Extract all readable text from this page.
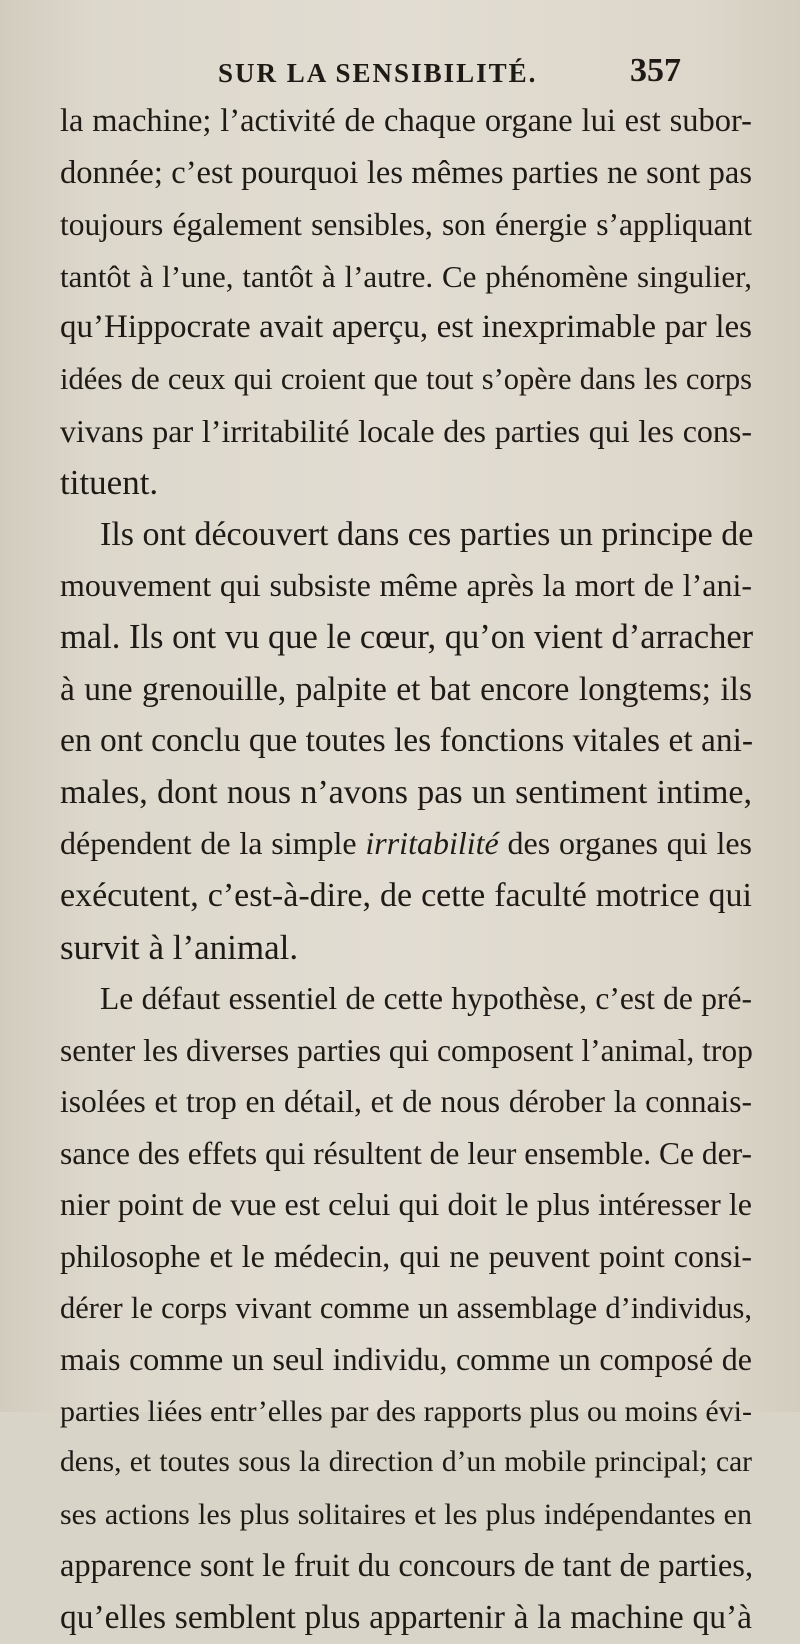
SUR LA SENSIBILITÉ.	357
la machine; l’activité de chaque organe lui est subor-
donnée; c’est pourquoi les mêmes parties ne sont pas
toujours également sensibles, son énergie s’appliquant
tantôt à l’une, tantôt à l’autre. Ce phénomène singulier,
qu’Hippocrate avait aperçu, est inexprimable par les
idées de ceux qui croient que tout s’opère dans les corps
vivans par l’irritabilité locale des parties qui les cons-
tituent.
Ils ont découvert dans ces parties un principe de
mouvement qui subsiste même après la mort de l’ani-
mal. Ils ont vu que le cœur, qu’on vient d’arracher
à une grenouille, palpite et bat encore longtems; ils
en ont conclu que toutes les fonctions vitales et ani-
males, dont nous n’avons pas un sentiment intime,
dépendent de la simple irritabilité des organes qui les
exécutent, c’est-à-dire, de cette faculté motrice qui
survit à l’animal.
Le défaut essentiel de cette hypothèse, c’est de pré-
senter les diverses parties qui composent l’animal, trop
isolées et trop en détail, et de nous dérober la connais-
sance des effets qui résultent de leur ensemble. Ce der-
nier point de vue est celui qui doit le plus intéresser le
philosophe et le médecin, qui ne peuvent point consi-
dérer le corps vivant comme un assemblage d’individus,
mais comme un seul individu, comme un composé de
parties liées entr’elles par des rapports plus ou moins évi-
dens, et toutes sous la direction d’un mobile principal; car
ses actions les plus solitaires et les plus indépendantes en
apparence sont le fruit du concours de tant de parties,
qu’elles semblent plus appartenir à la machine qu’à
